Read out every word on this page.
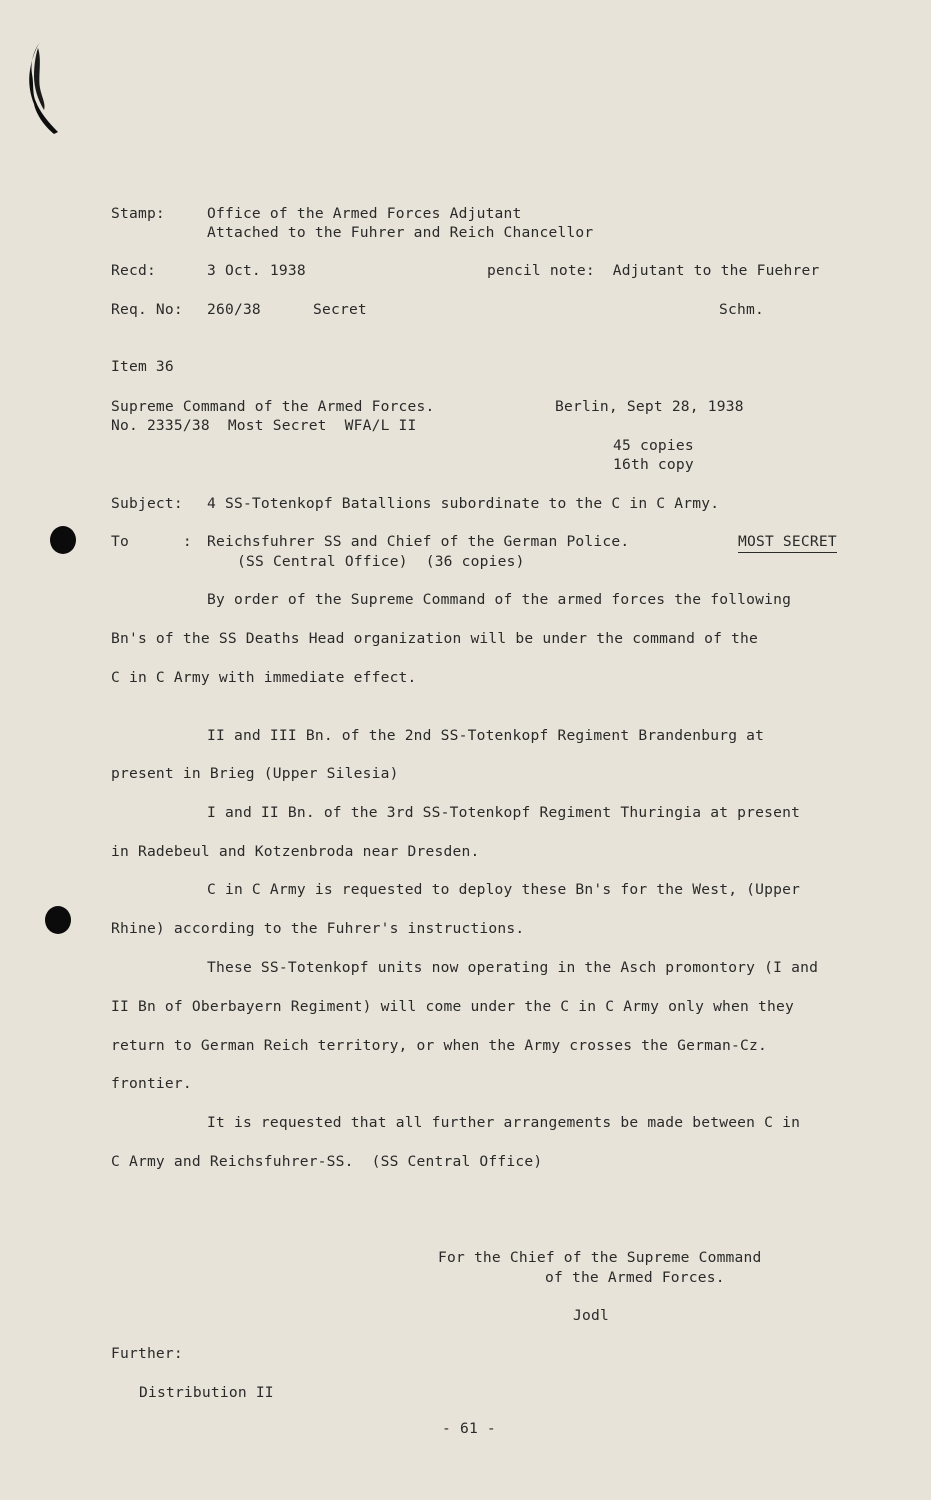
Stamp:	Office of the Armed Forces Adjutant
Attached to the Fuhrer and Reich Chancellor
Recd:	3 Oct. 1938	pencil note:  Adjutant to the Fuehrer
Req. No: 260/38	Secret	Schm.
Item 36
Supreme Command of the Armed Forces.	Berlin, Sept 28, 1938
No. 2335/38  Most Secret  WFA/L II
45 copies
16th copy
Subject: 4 SS-Totenkopf Batallions subordinate to the C in C Army.
To      : Reichsfuhrer SS and Chief of the German Police.	MOST SECRET
(SS Central Office)  (36 copies)
By order of the Supreme Command of the armed forces the following
Bn's of the SS Deaths Head organization will be under the command of the
C in C Army with immediate effect.
II and III Bn. of the 2nd SS-Totenkopf Regiment Brandenburg at
present in Brieg (Upper Silesia)
I and II Bn. of the 3rd SS-Totenkopf Regiment Thuringia at present
in Radebeul and Kotzenbroda near Dresden.
C in C Army is requested to deploy these Bn's for the West, (Upper
Rhine) according to the Fuhrer's instructions.
These SS-Totenkopf units now operating in the Asch promontory (I and
II Bn of Oberbayern Regiment) will come under the C in C Army only when they
return to German Reich territory, or when the Army crosses the German-Cz.
frontier.
It is requested that all further arrangements be made between C in
C Army and Reichsfuhrer-SS.  (SS Central Office)
For the Chief of the Supreme Command
of the Armed Forces.
Jodl
Further:
Distribution II
- 61 -
